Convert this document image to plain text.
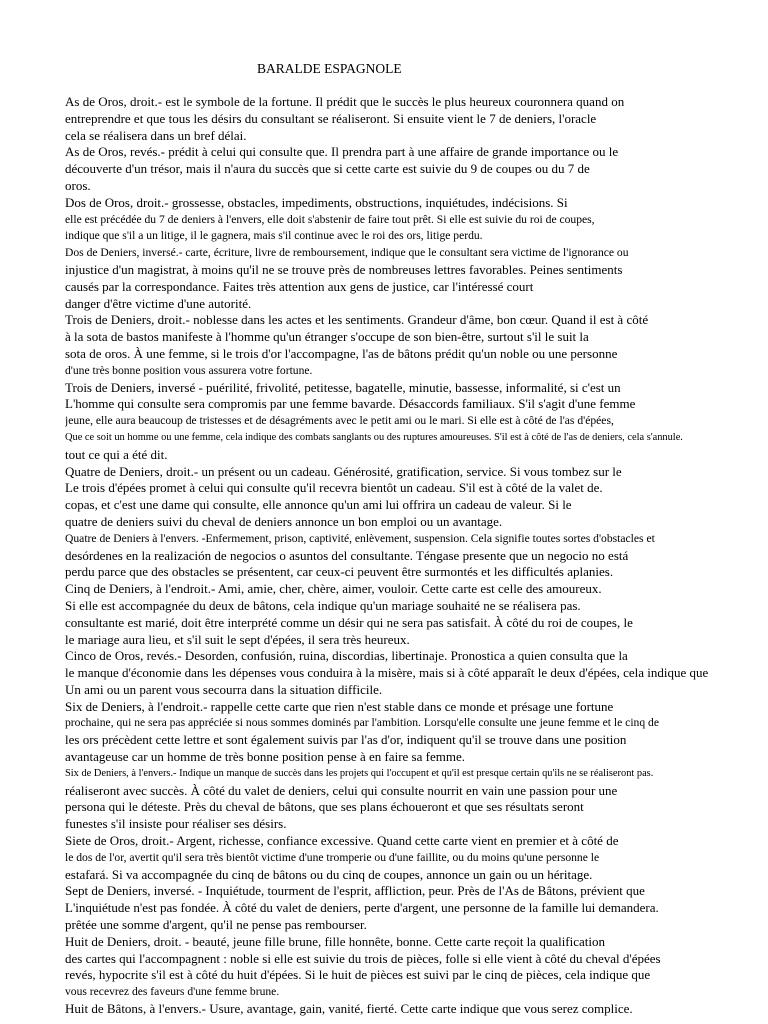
BARALDE ESPAGNOLE
As de Oros, droit.- est le symbole de la fortune. Il prédit que le succès le plus heureux couronnera quand on
entreprendre et que tous les désirs du consultant se réaliseront. Si ensuite vient le 7 de deniers, l'oracle
cela se réalisera dans un bref délai.
As de Oros, revés.- prédit à celui qui consulte que. Il prendra part à une affaire de grande importance ou le
découverte d'un trésor, mais il n'aura du succès que si cette carte est suivie du 9 de coupes ou du 7 de
oros.
Dos de Oros, droit.- grossesse, obstacles, impediments, obstructions, inquiétudes, indécisions. Si
elle est précédée du 7 de deniers à l'envers, elle doit s'abstenir de faire tout prêt. Si elle est suivie du roi de coupes,
indique que s'il a un litige, il le gagnera, mais s'il continue avec le roi des ors, litige perdu.
Dos de Deniers, inversé.- carte, écriture, livre de remboursement, indique que le consultant sera victime de l'ignorance ou
injustice d'un magistrat, à moins qu'il ne se trouve près de nombreuses lettres favorables. Peines sentiments
causés par la correspondance. Faites très attention aux gens de justice, car l'intéressé court
danger d'être victime d'une autorité.
Trois de Deniers, droit.- noblesse dans les actes et les sentiments. Grandeur d'âme, bon cœur. Quand il est à côté
à la sota de bastos manifeste à l'homme qu'un étranger s'occupe de son bien-être, surtout s'il le suit la
sota de oros. À une femme, si le trois d'or l'accompagne, l'as de bâtons prédit qu'un noble ou une personne
d'une très bonne position vous assurera votre fortune.
Trois de Deniers, inversé - puérilité, frivolité, petitesse, bagatelle, minutie, bassesse, informalité, si c'est un
L'homme qui consulte sera compromis par une femme bavarde. Désaccords familiaux. S'il s'agit d'une femme
jeune, elle aura beaucoup de tristesses et de désagréments avec le petit ami ou le mari. Si elle est à côté de l'as d'épées,
Que ce soit un homme ou une femme, cela indique des combats sanglants ou des ruptures amoureuses. S'il est à côté de l'as de deniers, cela s'annule.
tout ce qui a été dit.
Quatre de Deniers, droit.- un présent ou un cadeau. Générosité, gratification, service. Si vous tombez sur le
Le trois d'épées promet à celui qui consulte qu'il recevra bientôt un cadeau. S'il est à côté de la valet de.
copas, et c'est une dame qui consulte, elle annonce qu'un ami lui offrira un cadeau de valeur. Si le
quatre de deniers suivi du cheval de deniers annonce un bon emploi ou un avantage.
Quatre de Deniers à l'envers. -Enfermement, prison, captivité, enlèvement, suspension. Cela signifie toutes sortes d'obstacles et
desórdenes en la realización de negocios o asuntos del consultante. Téngase presente que un negocio no está
perdu parce que des obstacles se présentent, car ceux-ci peuvent être surmontés et les difficultés aplanies.
Cinq de Deniers, à l'endroit.- Ami, amie, cher, chère, aimer, vouloir. Cette carte est celle des amoureux.
Si elle est accompagnée du deux de bâtons, cela indique qu'un mariage souhaité ne se réalisera pas.
consultante est marié, doit être interprété comme un désir qui ne sera pas satisfait. À côté du roi de coupes, le
le mariage aura lieu, et s'il suit le sept d'épées, il sera très heureux.
Cinco de Oros, revés.- Desorden, confusión, ruina, discordias, libertinaje. Pronostica a quien consulta que la
le manque d'économie dans les dépenses vous conduira à la misère, mais si à côté apparaît le deux d'épées, cela indique que
Un ami ou un parent vous secourra dans la situation difficile.
Six de Deniers, à l'endroit.- rappelle cette carte que rien n'est stable dans ce monde et présage une fortune
prochaine, qui ne sera pas appréciée si nous sommes dominés par l'ambition. Lorsqu'elle consulte une jeune femme et le cinq de
les ors précèdent cette lettre et sont également suivis par l'as d'or, indiquent qu'il se trouve dans une position
avantageuse car un homme de très bonne position pense à en faire sa femme.
Six de Deniers, à l'envers.- Indique un manque de succès dans les projets qui l'occupent et qu'il est presque certain qu'ils ne se réaliseront pas.
réaliseront avec succès. À côté du valet de deniers, celui qui consulte nourrit en vain une passion pour une
persona qui le déteste. Près du cheval de bâtons, que ses plans échoueront et que ses résultats seront
funestes s'il insiste pour réaliser ses désirs.
Siete de Oros, droit.- Argent, richesse, confiance excessive. Quand cette carte vient en premier et à côté de
le dos de l'or, avertit qu'il sera très bientôt victime d'une tromperie ou d'une faillite, ou du moins qu'une personne le
estafará. Si va accompagnée du cinq de bâtons ou du cinq de coupes, annonce un gain ou un héritage.
Sept de Deniers, inversé. - Inquiétude, tourment de l'esprit, affliction, peur. Près de l'As de Bâtons, prévient que
L'inquiétude n'est pas fondée. À côté du valet de deniers, perte d'argent, une personne de la famille lui demandera.
prêtée une somme d'argent, qu'il ne pense pas rembourser.
Huit de Deniers, droit. - beauté, jeune fille brune, fille honnête, bonne. Cette carte reçoit la qualification
des cartes qui l'accompagnent : noble si elle est suivie du trois de pièces, folle si elle vient à côté du cheval d'épées
revés, hypocrite s'il est à côté du huit d'épées. Si le huit de pièces est suivi par le cinq de pièces, cela indique que
vous recevrez des faveurs d'une femme brune.
Huit de Bâtons, à l'envers.- Usure, avantage, gain, vanité, fierté. Cette carte indique que vous serez complice.
